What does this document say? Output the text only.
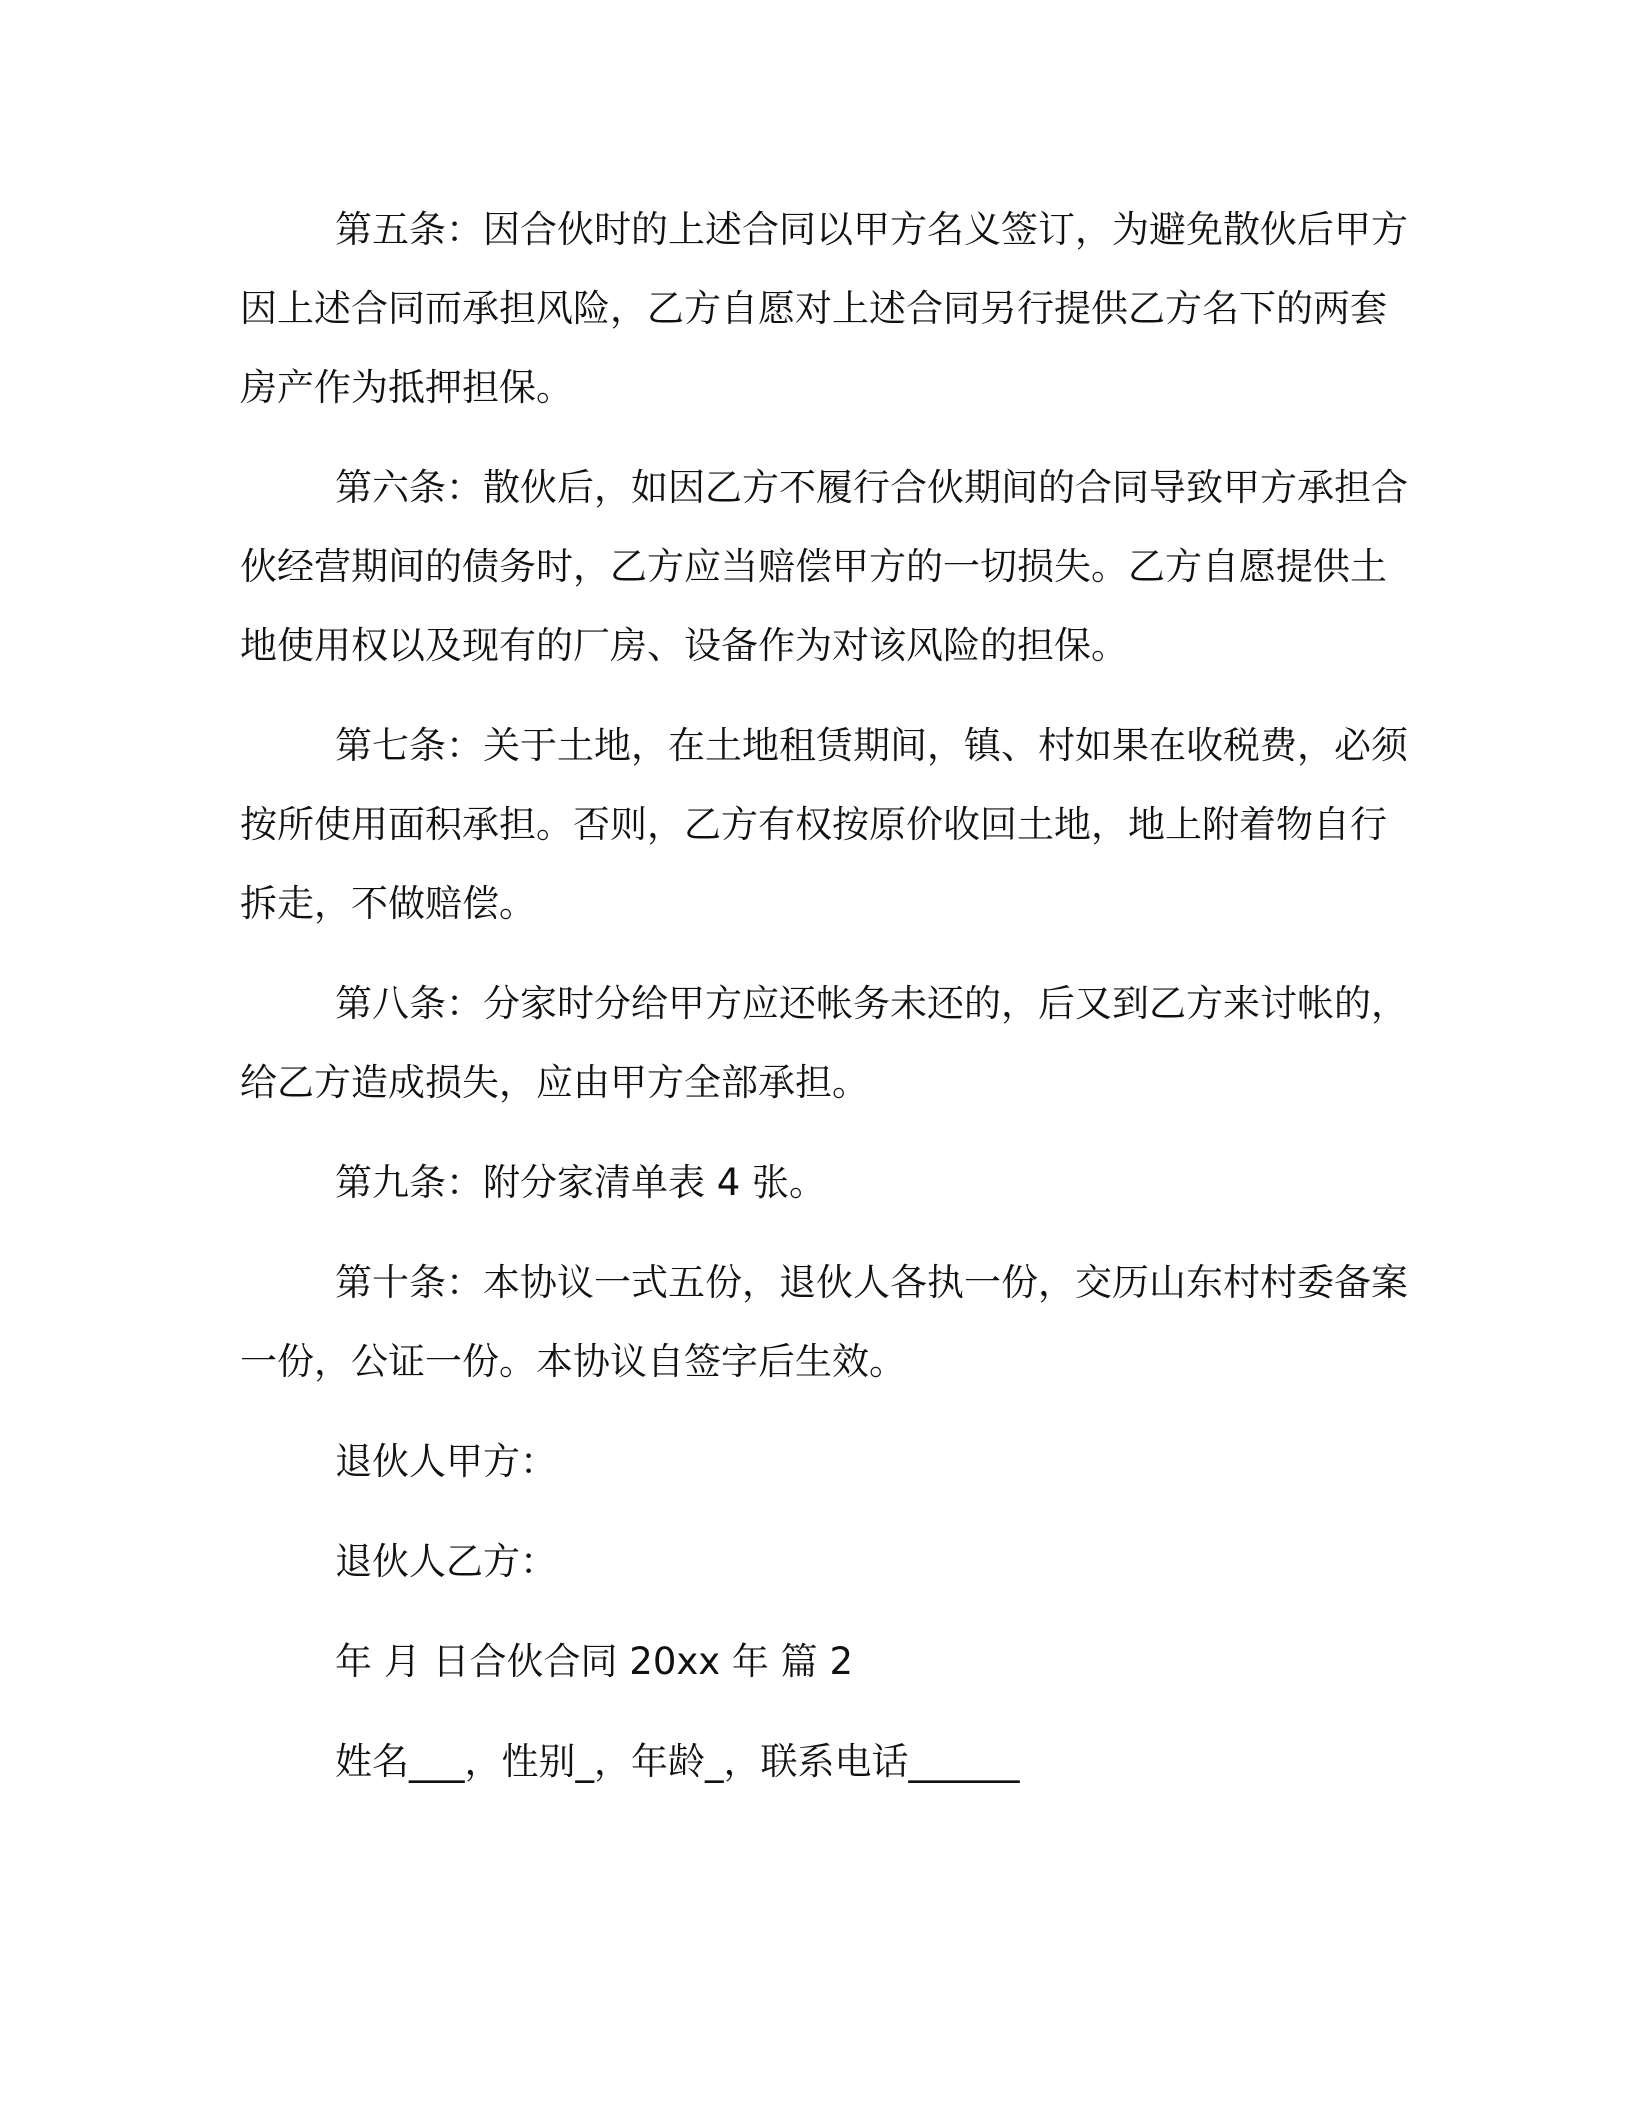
第五条：因合伙时的上述合同以甲方名义签订，为避免散伙后甲方因上述合同而承担风险，乙方自愿对上述合同另行提供乙方名下的两套房产作为抵押担保。

第六条：散伙后，如因乙方不履行合伙期间的合同导致甲方承担合伙经营期间的债务时，乙方应当赔偿甲方的一切损失。乙方自愿提供土地使用权以及现有的厂房、设备作为对该风险的担保。

第七条：关于土地，在土地租赁期间，镇、村如果在收税费，必须按所使用面积承担。否则，乙方有权按原价收回土地，地上附着物自行拆走，不做赔偿。

第八条：分家时分给甲方应还帐务未还的，后又到乙方来讨帐的，给乙方造成损失，应由甲方全部承担。

第九条：附分家清单表 4 张。

第十条：本协议一式五份，退伙人各执一份，交历山东村村委备案一份，公证一份。本协议自签字后生效。

退伙人甲方：

退伙人乙方：

年 月 日合伙合同 20xx 年 篇 2

姓名___，性别_，年龄_，联系电话______
